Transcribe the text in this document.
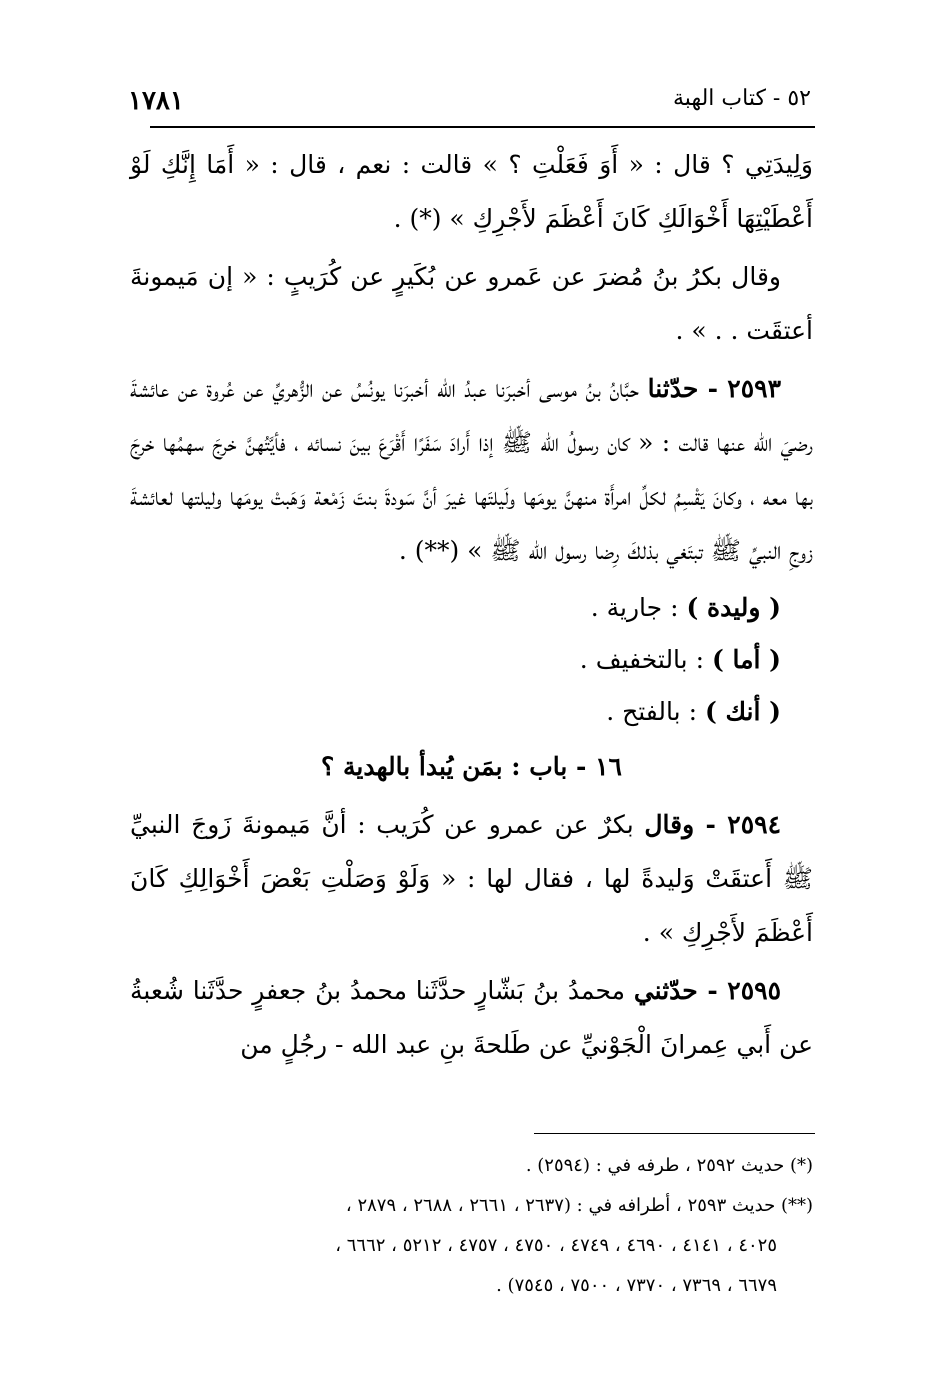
١٧٨١	٥٢ - كتاب الهبة

وَلِيدَتِي ؟ قال : « أَوَ فَعَلْتِ ؟ » قالت : نعم ، قال : « أَمَا إِنَّكِ لَوْ أَعْطَيْتِهَا أَخْوَالَكِ كَانَ أَعْظَمَ لأَجْرِكِ » (*) .

وقال بكرُ بنُ مُضرَ عن عَمرو عن بُكَيرٍ عن كُرَيبٍ : « إن مَيمونةَ أعتقَت . . » .

٢٥٩٣ - حدّثنا حبَّانُ بنُ موسى أخبرَنا عبدُ الله أخبرَنا يونُسُ عن الزُّهريِّ عن عُروة عن عائشةَ رضيَ الله عنها قالت : « كان رسولُ الله ﷺ إذا أَرادَ سَفَرًا أَقْرَعَ بينَ نسائه ، فأيَّتُهنَّ خرجَ سهمُها خرجَ بها معه ، وكانَ يَقْسِمُ لكلِّ امرأَة منهنَّ يومَها ولَيلتَها غيرَ أنَّ سَودةَ بنتَ زَمْعة وَهَبتْ يومَها وليلتها لعائشةَ زوجِ النبيِّ ﷺ تبتَغي بذلكَ رِضا رسول الله ﷺ » (**) .

( وليدة ) : جارية .

( أما ) : بالتخفيف .

( أنك ) : بالفتح .

١٦ - باب : بمَن يُبدأ بالهدية ؟

٢٥٩٤ - وقال بكرٌ عن عمرو عن كُرَيب : أنَّ مَيمونةَ زَوجَ النبيِّ ﷺ أَعتقَتْ وَليدةً لها ، فقال لها : « وَلَوْ وَصَلْتِ بَعْضَ أَخْوَالِكِ كَانَ أَعْظَمَ لأَجْرِكِ » .

٢٥٩٥ - حدّثني محمدُ بنُ بَشّارٍ حدَّثَنا محمدُ بنُ جعفرٍ حدَّثَنا شُعبةُ عن أَبي عِمرانَ الْجَوْنيِّ عن طَلحةَ بنِ عبد الله - رجُلٍ من

(*) حديث ٢٥٩٢ ، طرفه في : (٢٥٩٤) .

(**) حديث ٢٥٩٣ ، أطرافه في : (٢٦٣٧ ، ٢٦٦١ ، ٢٦٨٨ ، ٢٨٧٩ ،

٤٠٢٥ ، ٤١٤١ ، ٤٦٩٠ ، ٤٧٤٩ ، ٤٧٥٠ ، ٤٧٥٧ ، ٥٢١٢ ، ٦٦٦٢ ،

٦٦٧٩ ، ٧٣٦٩ ، ٧٣٧٠ ، ٧٥٠٠ ، ٧٥٤٥) .
